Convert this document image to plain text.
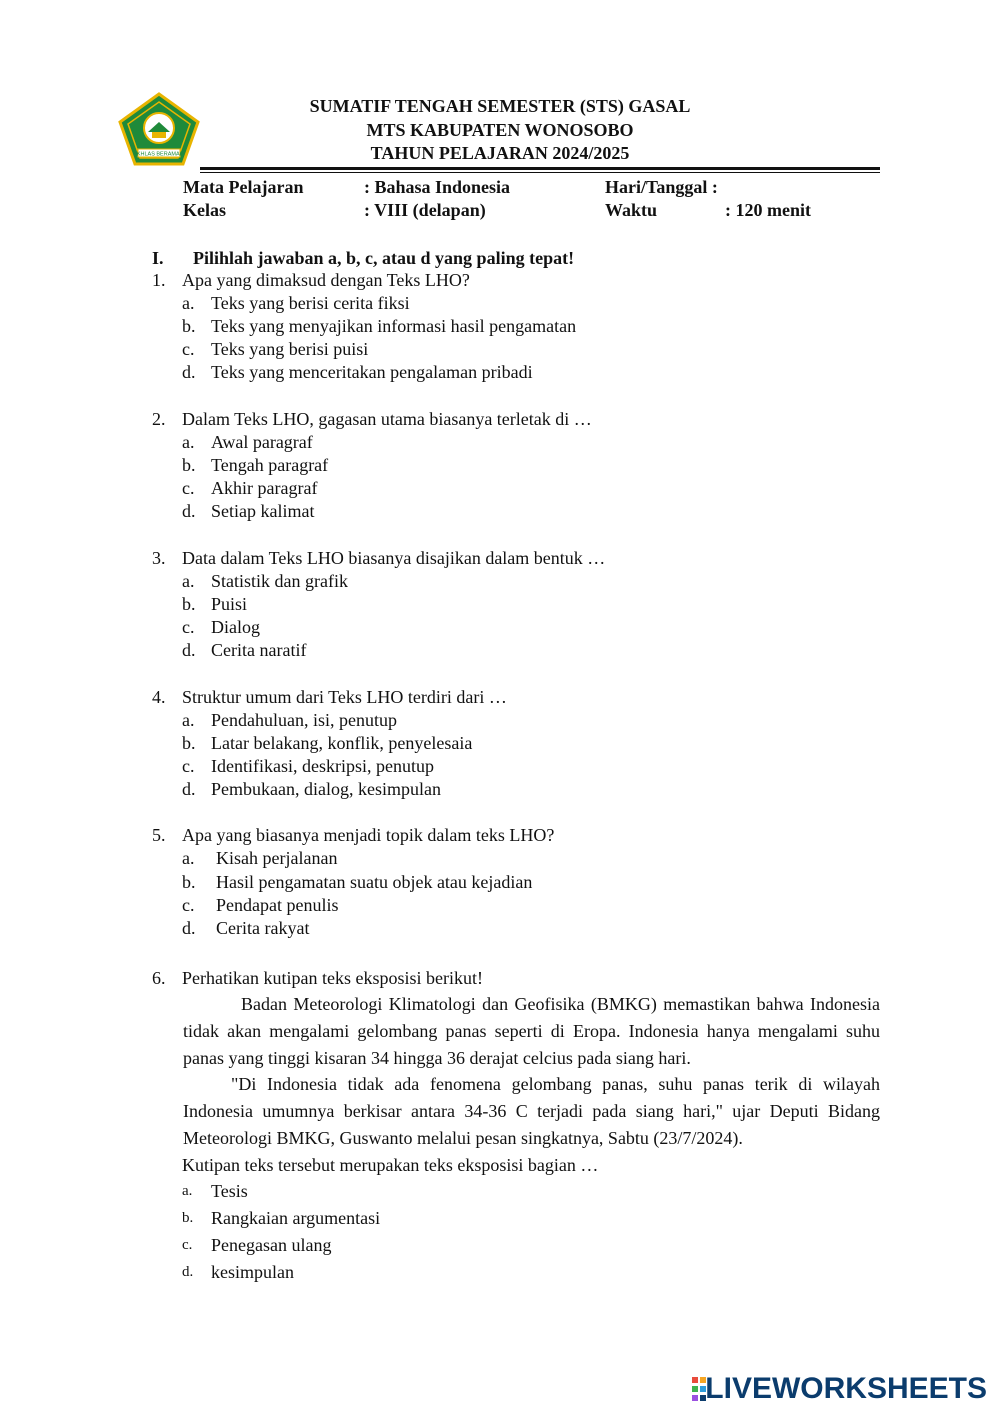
IKHLAS BERAMAL
SUMATIF TENGAH SEMESTER (STS) GASAL
MTS KABUPATEN WONOSOBO
TAHUN PELAJARAN 2024/2025
Mata Pelajaran	: Bahasa Indonesia	Hari/Tanggal :
Kelas	: VIII (delapan)	Waktu	: 120 menit
I. Pilihlah jawaban a, b, c, atau d yang paling tepat!
1. Apa yang dimaksud dengan Teks LHO?
a. Teks yang berisi cerita fiksi
b. Teks yang menyajikan informasi hasil pengamatan
c. Teks yang berisi puisi
d. Teks yang menceritakan pengalaman pribadi
2. Dalam Teks LHO, gagasan utama biasanya terletak di …
a. Awal paragraf
b. Tengah paragraf
c. Akhir paragraf
d. Setiap kalimat
3. Data dalam Teks LHO biasanya disajikan dalam bentuk …
a. Statistik dan grafik
b. Puisi
c. Dialog
d. Cerita naratif
4. Struktur umum dari Teks LHO terdiri dari …
a. Pendahuluan, isi, penutup
b. Latar belakang, konflik, penyelesaia
c. Identifikasi, deskripsi, penutup
d. Pembukaan, dialog, kesimpulan
5. Apa yang biasanya menjadi topik dalam teks LHO?
a. Kisah perjalanan
b. Hasil pengamatan suatu objek atau kejadian
c. Pendapat penulis
d. Cerita rakyat
6. Perhatikan kutipan teks eksposisi berikut!
Badan Meteorologi Klimatologi dan Geofisika (BMKG) memastikan bahwa Indonesia tidak akan mengalami gelombang panas seperti di Eropa. Indonesia hanya mengalami suhu panas yang tinggi kisaran 34 hingga 36 derajat celcius pada siang hari.
"Di Indonesia tidak ada fenomena gelombang panas, suhu panas terik di wilayah Indonesia umumnya berkisar antara 34-36 C terjadi pada siang hari," ujar Deputi Bidang Meteorologi BMKG, Guswanto melalui pesan singkatnya, Sabtu (23/7/2024).
Kutipan teks tersebut merupakan teks eksposisi bagian …
a. Tesis
b. Rangkaian argumentasi
c. Penegasan ulang
d. kesimpulan
LIVEWORKSHEETS
